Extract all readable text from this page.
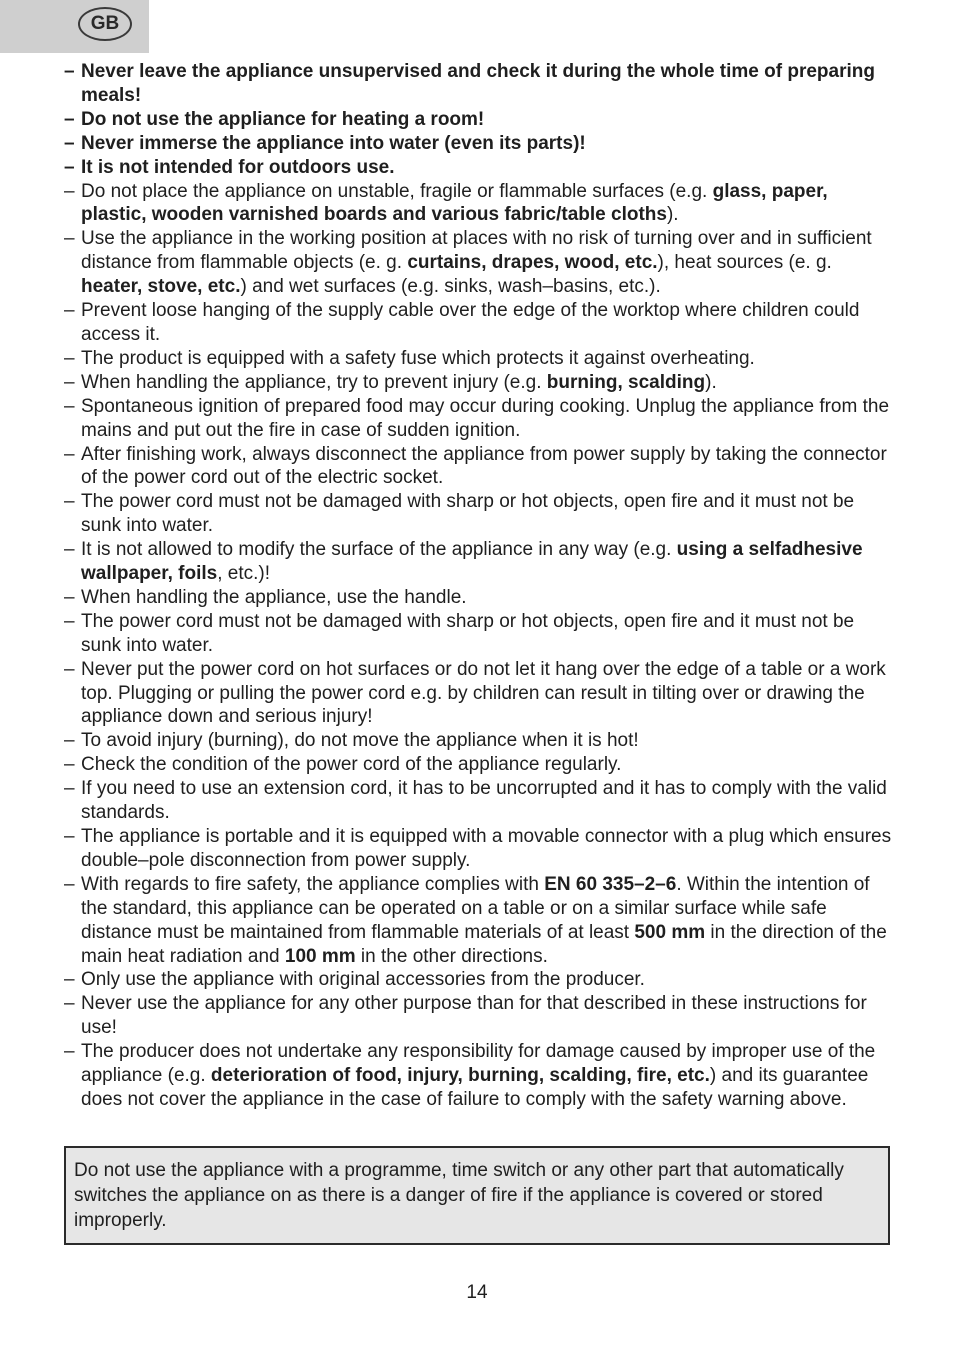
GB
– Never leave the appliance unsupervised and check it during the whole time of preparing meals!
– Do not use the appliance for heating a room!
– Never immerse the appliance into water (even its parts)!
– It is not intended for outdoors use.
– Do not place the appliance on unstable, fragile or flammable surfaces (e.g. glass, paper, plastic, wooden varnished boards and various fabric/table cloths).
– Use the appliance in the working position at places with no risk of turning over and in sufficient distance from flammable objects (e. g. curtains, drapes, wood, etc.), heat sources (e. g. heater, stove, etc.) and wet surfaces (e.g. sinks, wash–basins, etc.).
– Prevent loose hanging of the supply cable over the edge of the worktop where children could access it.
– The product is equipped with a safety fuse which protects it against overheating.
– When handling the appliance, try to prevent injury (e.g. burning, scalding).
– Spontaneous ignition of prepared food may occur during cooking. Unplug the appliance from the mains and put out the fire in case of sudden ignition.
– After finishing work, always disconnect the appliance from power supply by taking the connector of the power cord out of the electric socket.
– The power cord must not be damaged with sharp or hot objects, open fire and it must not be sunk into water.
– It is not allowed to modify the surface of the appliance in any way (e.g. using a selfadhesive wallpaper, foils, etc.)!
– When handling the appliance, use the handle.
– The power cord must not be damaged with sharp or hot objects, open fire and it must not be sunk into water.
– Never put the power cord on hot surfaces or do not let it hang over the edge of a table or a work top. Plugging or pulling the power cord e.g. by children can result in tilting over or drawing the appliance down and serious injury!
– To avoid injury (burning), do not move the appliance when it is hot!
– Check the condition of the power cord of the appliance regularly.
– If you need to use an extension cord, it has to be uncorrupted and it has to comply with the valid standards.
– The appliance is portable and it is equipped with a movable connector with a plug which ensures double–pole disconnection from power supply.
– With regards to fire safety, the appliance complies with EN 60 335–2–6. Within the intention of the standard, this appliance can be operated on a table or on a similar surface while safe distance must be maintained from flammable materials of at least 500 mm in the direction of the main heat radiation and 100 mm in the other directions.
– Only use the appliance with original accessories from the producer.
– Never use the appliance for any other purpose than for that described in these instructions for use!
– The producer does not undertake any responsibility for damage caused by improper use of the appliance (e.g. deterioration of food, injury, burning, scalding, fire, etc.) and its guarantee does not cover the appliance in the case of failure to comply with the safety warning above.
Do not use the appliance with a programme, time switch or any other part that automatically switches the appliance on as there is a danger of fire if the appliance is covered or stored improperly.
14
